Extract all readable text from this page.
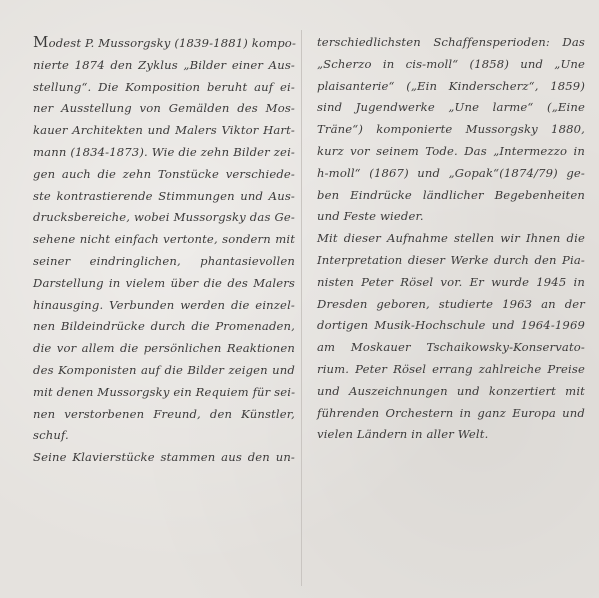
Modest P. Mussorgsky (1839-1881) kompo-
nierte 1874 den Zyklus „Bilder einer Aus-
stellung“. Die Komposition beruht auf ei-
ner Ausstellung von Gemälden des Mos-
kauer Architekten und Malers Viktor Hart-
mann (1834-1873). Wie die zehn Bilder zei-
gen auch die zehn Tonstücke verschiede-
ste kontrastierende Stimmungen und Aus-
drucksbereiche, wobei Mussorgsky das Ge-
sehene nicht einfach vertonte, sondern mit
seiner eindringlichen, phantasievollen
Darstellung in vielem über die des Malers
hinausging. Verbunden werden die einzel-
nen Bildeindrücke durch die Promenaden,
die vor allem die persönlichen Reaktionen
des Komponisten auf die Bilder zeigen und
mit denen Mussorgsky ein Requiem für sei-
nen verstorbenen Freund, den Künstler,
schuf.
Seine Klavierstücke stammen aus den un-
terschiedlichsten Schaffensperioden: Das
„Scherzo in cis-moll“ (1858) und „Une
plaisanterie“ („Ein Kinderscherz“, 1859)
sind Jugendwerke „Une larme“ („Eine
Träne“) komponierte Mussorgsky 1880,
kurz vor seinem Tode. Das „Intermezzo in
h-moll“ (1867) und „Gopak“(1874/79) ge-
ben Eindrücke ländlicher Begebenheiten
und Feste wieder.
Mit dieser Aufnahme stellen wir Ihnen die
Interpretation dieser Werke durch den Pia-
nisten Peter Rösel vor. Er wurde 1945 in
Dresden geboren, studierte 1963 an der
dortigen Musik-Hochschule und 1964-1969
am Moskauer Tschaikowsky-Konservato-
rium. Peter Rösel errang zahlreiche Preise
und Auszeichnungen und konzertiert mit
führenden Orchestern in ganz Europa und
vielen Ländern in aller Welt.
